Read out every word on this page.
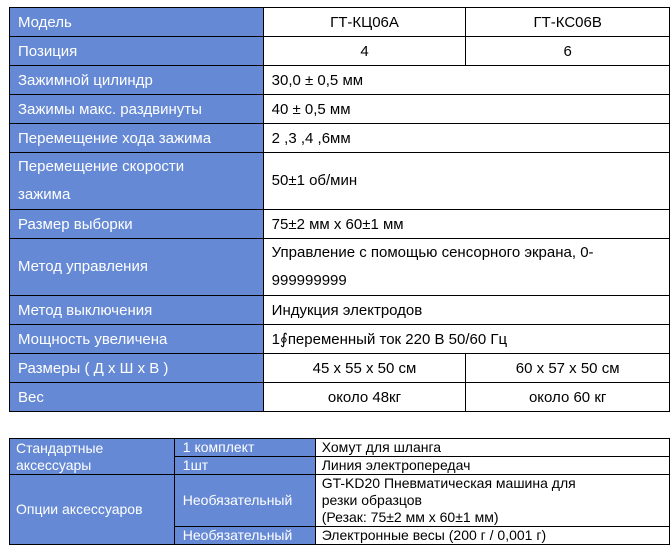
Модель	ГТ-КЦ06А	ГТ-КС06В
Позиция	4	6
Зажимной цилиндр	30,0 ± 0,5 мм	
Зажимы макс. раздвинуты	40 ± 0,5 мм	
Перемещение хода зажима	2 ,3 ,4 ,6мм	

Перемещение скорости
зажима	50±1 об/мин	
Размер выборки	75±2 мм x 60±1 мм	
Метод управления	Управление с помощью сенсорного экрана, 0-
999999999	

Метод выключения	Индукция электродов	
Мощность увеличена	1∮переменный ток 220 В 50/60 Гц	
Размеры ( Д x Ш x В )	45 x 55 x 50 см	60 x 57 x 50 см
Вес	около 48кг	около 60 кг
Стандартные
аксессуары	1 комплект	Хомут для шланга
	1шт	Линия электропередач
Опции аксессуаров	Необязательный	GT-KD20 Пневматическая машина для
резки образцов
(Резак: 75±2 мм x 60±1 мм)

	Необязательный	Электронные весы (200 г / 0,001 г)
